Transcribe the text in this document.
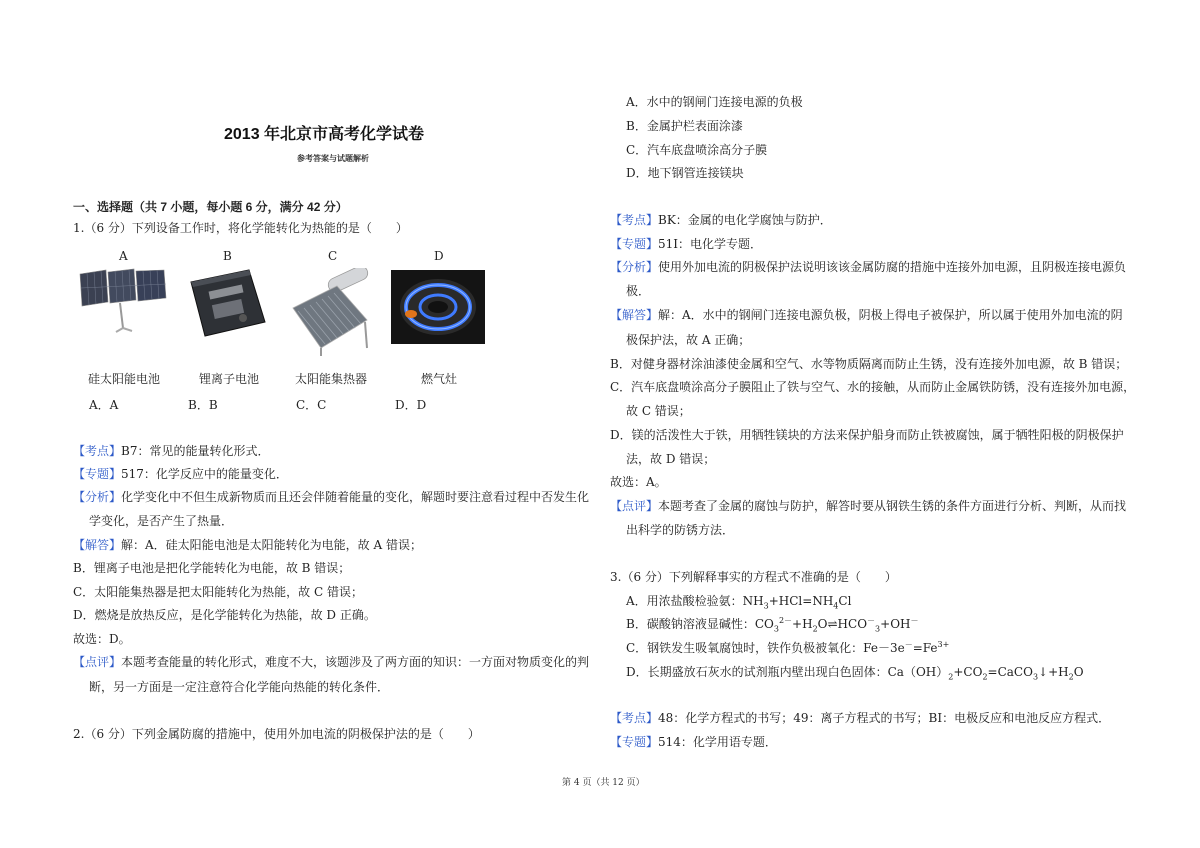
2013 年北京市高考化学试卷
参考答案与试题解析
一、选择题（共 7 小题，每小题 6 分，满分 42 分）
1.（6 分）下列设备工作时，将化学能转化为热能的是（　　）
A	B	C	D
硅太阳能电池	锂离子电池	太阳能集热器	燃气灶
A．A	B．B	C．C	D．D
【考点】B7：常见的能量转化形式．
【专题】517：化学反应中的能量变化．
【分析】化学变化中不但生成新物质而且还会伴随着能量的变化，解题时要注意看过程中否发生化
学变化，是否产生了热量．
【解答】解：A．硅太阳能电池是太阳能转化为电能，故 A 错误；
B．锂离子电池是把化学能转化为电能，故 B 错误；
C．太阳能集热器是把太阳能转化为热能，故 C 错误；
D．燃烧是放热反应，是化学能转化为热能，故 D 正确。
故选：D。
【点评】本题考查能量的转化形式，难度不大，该题涉及了两方面的知识：一方面对物质变化的判
断，另一方面是一定注意符合化学能向热能的转化条件．
2.（6 分）下列金属防腐的措施中，使用外加电流的阴极保护法的是（　　）
A．水中的钢闸门连接电源的负极
B．金属护栏表面涂漆
C．汽车底盘喷涂高分子膜
D．地下钢管连接镁块
【考点】BK：金属的电化学腐蚀与防护．
【专题】51I：电化学专题．
【分析】使用外加电流的阴极保护法说明该该金属防腐的措施中连接外加电源，且阴极连接电源负
极．
【解答】解：A．水中的钢闸门连接电源负极，阴极上得电子被保护，所以属于使用外加电流的阴
极保护法，故 A 正确；
B．对健身器材涂油漆使金属和空气、水等物质隔离而防止生锈，没有连接外加电源，故 B 错误；
C．汽车底盘喷涂高分子膜阻止了铁与空气、水的接触，从而防止金属铁防锈，没有连接外加电源，
故 C 错误；
D．镁的活泼性大于铁，用牺牲镁块的方法来保护船身而防止铁被腐蚀，属于牺牲阳极的阴极保护
法，故 D 错误；
故选：A。
【点评】本题考查了金属的腐蚀与防护，解答时要从钢铁生锈的条件方面进行分析、判断，从而找
出科学的防锈方法．
3.（6 分）下列解释事实的方程式不准确的是（　　）
A．用浓盐酸检验氨：$NH_3+HCl=NH_4Cl$
B．碳酸钠溶液显碱性：$CO_3^{2-}+H_2O\rightleftharpoons HCO^-_3+OH^-$
C．钢铁发生吸氧腐蚀时，铁作负极被氧化：$Fe-3e^-=Fe^{3+}$
D．长期盛放石灰水的试剂瓶内壁出现白色固体：$Ca(OH)_2+CO_2=CaCO_3↓+H_2O$
【考点】48：化学方程式的书写；49：离子方程式的书写；BI：电极反应和电池反应方程式．
【专题】514：化学用语专题．
第 4 页（共 12 页）
